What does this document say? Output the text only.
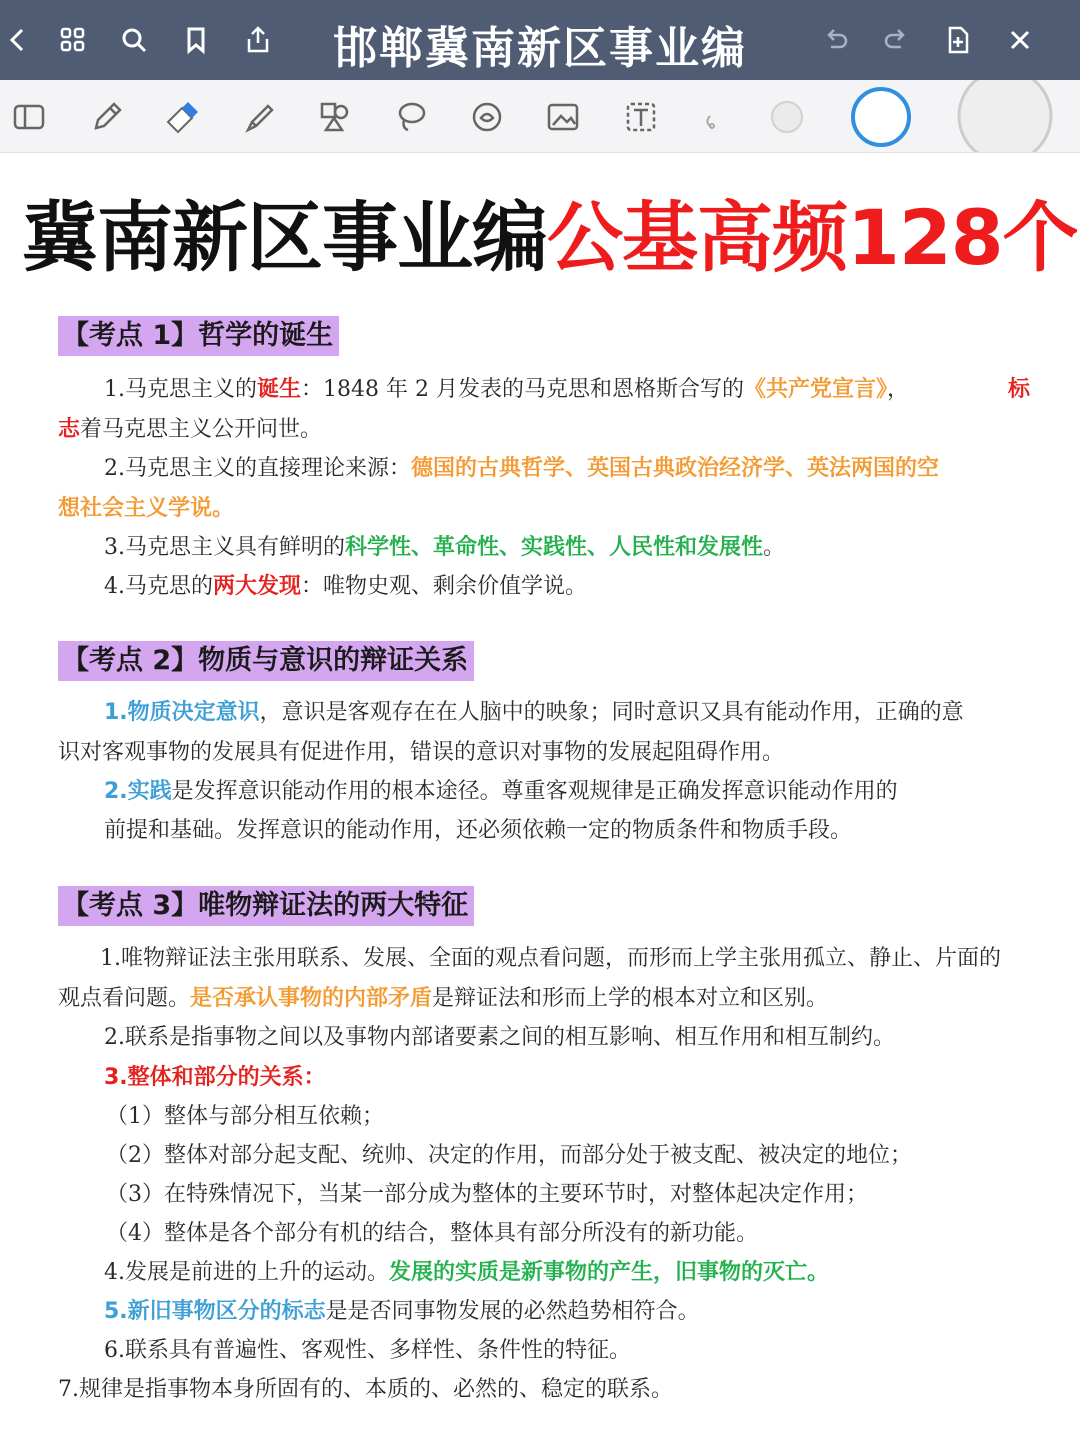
邯郸冀南新区事业编
冀南新区事业编公基高频128个
【考点 1】哲学的诞生
1.马克思主义的诞生：1848 年 2 月发表的马克思和恩格斯合写的《共产党宣言》，	标
志着马克思主义公开问世。
2.马克思主义的直接理论来源：德国的古典哲学、英国古典政治经济学、英法两国的空
想社会主义学说。
3.马克思主义具有鲜明的科学性、革命性、实践性、人民性和发展性。
4.马克思的两大发现：唯物史观、剩余价值学说。
【考点 2】物质与意识的辩证关系
1.物质决定意识，意识是客观存在在人脑中的映象；同时意识又具有能动作用，正确的意
识对客观事物的发展具有促进作用，错误的意识对事物的发展起阻碍作用。
2.实践是发挥意识能动作用的根本途径。尊重客观规律是正确发挥意识能动作用的
前提和基础。发挥意识的能动作用，还必须依赖一定的物质条件和物质手段。
【考点 3】唯物辩证法的两大特征
1.唯物辩证法主张用联系、发展、全面的观点看问题，而形而上学主张用孤立、静止、片面的
观点看问题。是否承认事物的内部矛盾是辩证法和形而上学的根本对立和区别。
2.联系是指事物之间以及事物内部诸要素之间的相互影响、相互作用和相互制约。
3.整体和部分的关系：
（1）整体与部分相互依赖；
（2）整体对部分起支配、统帅、决定的作用，而部分处于被支配、被决定的地位；
（3）在特殊情况下，当某一部分成为整体的主要环节时，对整体起决定作用；
（4）整体是各个部分有机的结合，整体具有部分所没有的新功能。
4.发展是前进的上升的运动。发展的实质是新事物的产生，旧事物的灭亡。
5.新旧事物区分的标志是是否同事物发展的必然趋势相符合。
6.联系具有普遍性、客观性、多样性、条件性的特征。
7.规律是指事物本身所固有的、本质的、必然的、稳定的联系。
